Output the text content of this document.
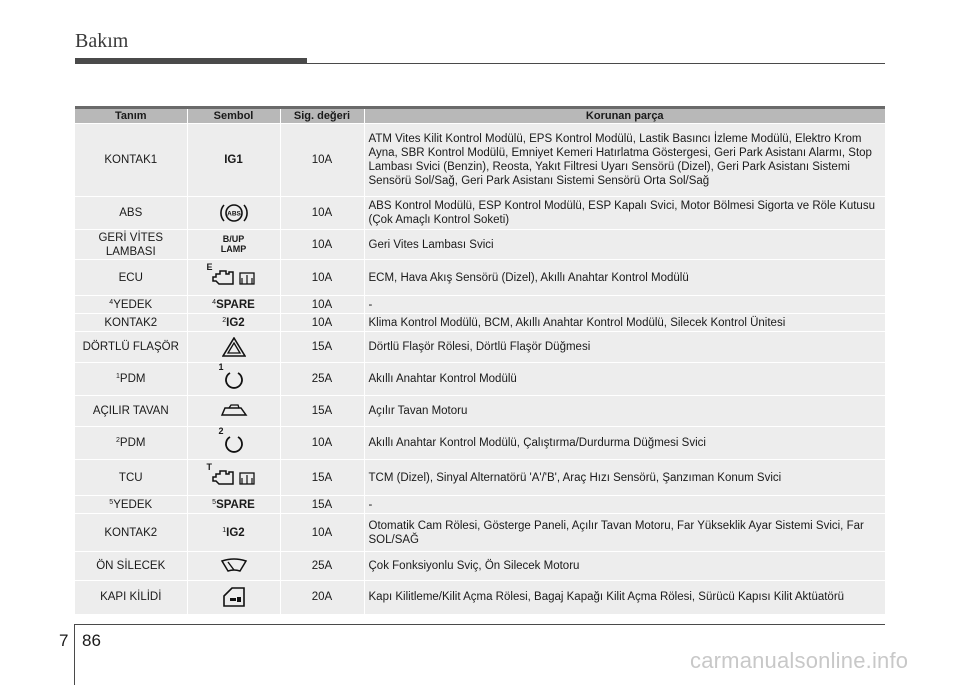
Bakım
Tanım	Sembol	Sig. değeri	Korunan parça
KONTAK1	IG1	10A	ATM Vites Kilit Kontrol Modülü, EPS Kontrol Modülü, Lastik Basıncı İzleme Modülü, Elektro Krom Ayna, SBR Kontrol Modülü, Emniyet Kemeri Hatırlatma Göstergesi, Geri Park Asistanı Alarmı, Stop Lambası Svici (Benzin), Reosta, Yakıt Filtresi Uyarı Sensörü (Dizel), Geri Park Asistanı Sistemi Sensörü Sol/Sağ, Geri Park Asistanı Sistemi Sensörü Orta Sol/Sağ
ABS	ABS	10A	ABS Kontrol Modülü, ESP Kontrol Modülü, ESP Kapalı Svici, Motor Bölmesi Sigorta ve Röle Kutusu (Çok Amaçlı Kontrol Soketi)
GERİ VİTES LAMBASI	B/UP LAMP	10A	Geri Vites Lambası Svici
ECU	E	10A	ECM, Hava Akış Sensörü (Dizel), Akıllı Anahtar Kontrol Modülü
$^4$YEDEK	$^4$SPARE	10A	-
KONTAK2	$^2$IG2	10A	Klima Kontrol Modülü, BCM, Akıllı Anahtar Kontrol Modülü, Silecek Kontrol Ünitesi
DÖRTLÜ FLAŞÖR		15A	Dörtlü Flaşör Rölesi, Dörtlü Flaşör Düğmesi
$^1$PDM	1	25A	Akıllı Anahtar Kontrol Modülü
AÇILIR TAVAN		15A	Açılır Tavan Motoru
$^2$PDM	2	10A	Akıllı Anahtar Kontrol Modülü, Çalıştırma/Durdurma Düğmesi Svici
TCU	T	15A	TCM (Dizel), Sinyal Alternatörü 'A'/'B', Araç Hızı Sensörü, Şanzıman Konum Svici
$^5$YEDEK	$^5$SPARE	15A	-
KONTAK2	$^1$IG2	10A	Otomatik Cam Rölesi, Gösterge Paneli, Açılır Tavan Motoru, Far Yükseklik Ayar Sistemi Svici, Far SOL/SAĞ
ÖN SİLECEK		25A	Çok Fonksiyonlu Sviç, Ön Silecek Motoru
KAPI KİLİDİ		20A	Kapı Kilitleme/Kilit Açma Rölesi, Bagaj Kapağı Kilit Açma Rölesi, Sürücü Kapısı Kilit Aktüatörü
7 86
carmanualsonline.info
